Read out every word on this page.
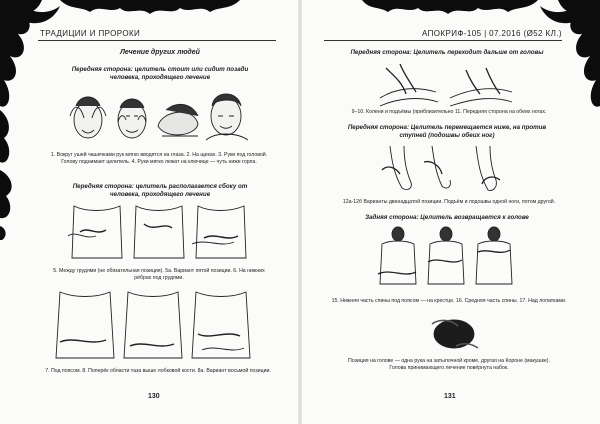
ТРАДИЦИИ И ПРОРОКИ
Лечение других людей
Передняя сторона: целитель стоит или сидит позади человека, проходящего лечение
1. Вокруг ушей чашечками рук мягко вводятся на глаза. 2. На щеках. 3. Руки под головой. Голову поднимает целитель. 4. Руки мягко лежат на ключице — чуть ниже горла.
Передняя сторона: целитель располагается сбоку от человека, проходящего лечение
5. Между грудями (не обязательная позиция). 5а. Вариант пятой позиции. 6. На нижних рёбрах под грудями.
7. Под поясом. 8. Поперёк области таза выше лобковой кости. 8а. Вариант восьмой позиции.
130
АПОКРИФ-105 | 07.2016 (Ø52 КЛ.)
Передняя сторона: Целитель переходит дальше от головы
9–10. Колени и подъёмы (приблизительно 11. Передняя сторона на обеих ногах.
Передняя сторона: Целитель перемещается ниже, на против ступней (подошвы обеих ног)
12а-12б Варианты двенадцатой позиции. Подъём и подошвы одной ноги, потом другой.
Задняя сторона: Целитель возвращается к голове
15. Нижняя часть спины под поясом — на крестце. 16. Средняя часть спины. 17. Над лопатками.
Позиция на голове — одна рука на затылочной кроме, другая на Короне (макушке). Голова принимающего лечение повёрнута набок.
131
